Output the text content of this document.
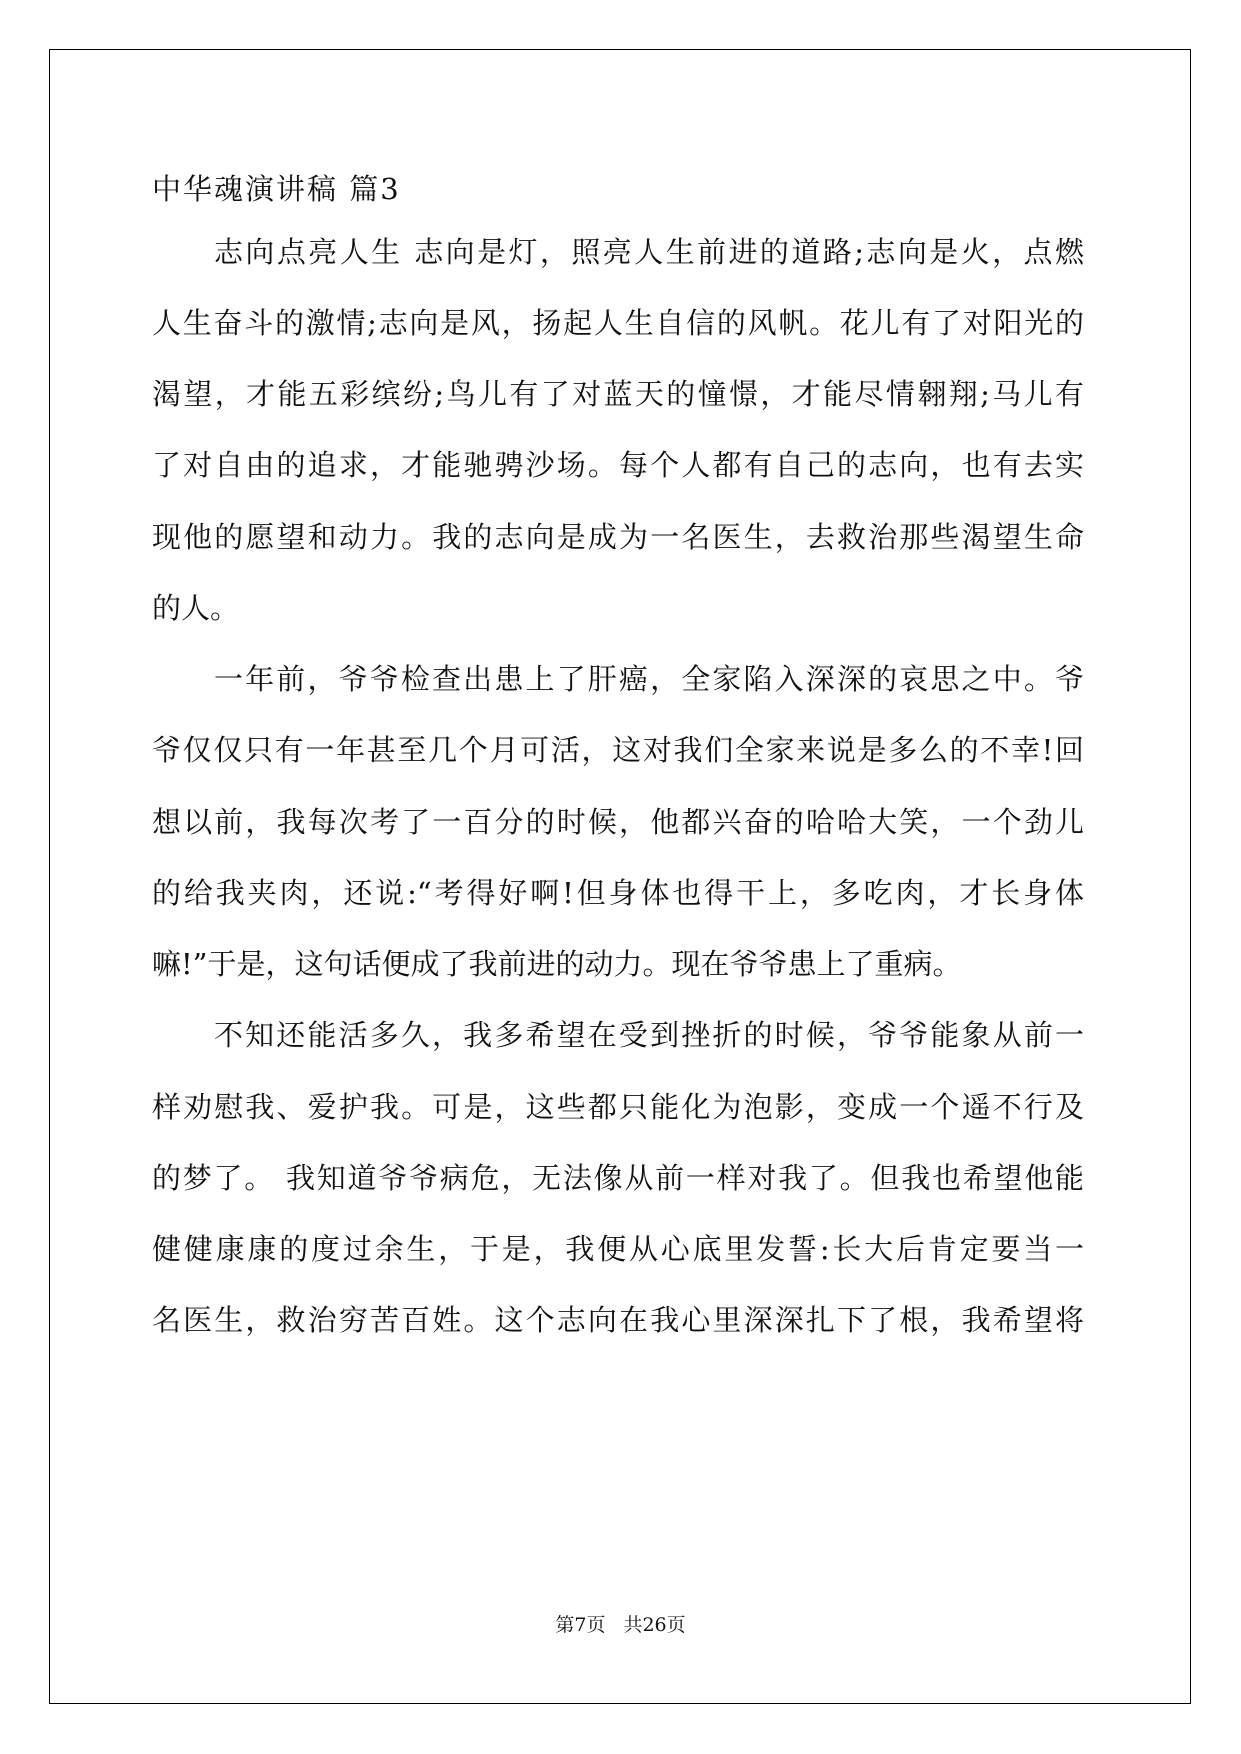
中华魂演讲稿 篇3
志向点亮人生 志向是灯，照亮人生前进的道路;志向是火，点燃
人生奋斗的激情;志向是风，扬起人生自信的风帆。花儿有了对阳光的
渴望，才能五彩缤纷;鸟儿有了对蓝天的憧憬，才能尽情翱翔;马儿有
了对自由的追求，才能驰骋沙场。每个人都有自己的志向，也有去实
现他的愿望和动力。我的志向是成为一名医生，去救治那些渴望生命
的人。
一年前，爷爷检查出患上了肝癌，全家陷入深深的哀思之中。爷
爷仅仅只有一年甚至几个月可活，这对我们全家来说是多么的不幸!回
想以前，我每次考了一百分的时候，他都兴奋的哈哈大笑，一个劲儿
的给我夹肉，还说:“考得好啊!但身体也得干上，多吃肉，才长身体
嘛!”于是，这句话便成了我前进的动力。现在爷爷患上了重病。
不知还能活多久，我多希望在受到挫折的时候，爷爷能象从前一
样劝慰我、爱护我。可是，这些都只能化为泡影，变成一个遥不行及
的梦了。 我知道爷爷病危，无法像从前一样对我了。但我也希望他能
健健康康的度过余生，于是，我便从心底里发誓:长大后肯定要当一
名医生，救治穷苦百姓。这个志向在我心里深深扎下了根，我希望将
第7页 共26页
